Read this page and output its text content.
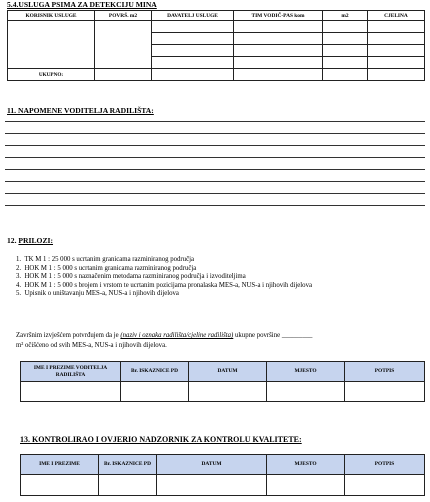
5.4.USLUGA PSIMA ZA DETEKCIJU MINA
KORISNIK USLUGE	POVRŠ. m2	DAVATELJ USLUGE	TIM VODIČ-PAS kom	m2	CJELINA

UKUPNO:					
11. NAPOMENE VODITELJA RADILIŠTA:
12. PRILOZI:
1.  TK M 1 : 25 000 s ucrtanim granicama razminiranog područja
2.  HOK M 1 : 5 000 s ucrtanim granicama razminiranog područja
3.  HOK M 1 : 5 000 s naznačenim metodama razminiranog područja i izvoditeljima
4.  HOK M 1 : 5 000 s brojem i vrstom te ucrtanim pozicijama pronalaska MES-a, NUS-a i njihovih dijelova
5.  Upisnik o uništavanju MES-a, NUS-a i njihovih dijelova
Završnim izvješćem potvrđujem da je (naziv i oznaka radilišta/cjeline radilišta) ukupne površine _________
m² očišćeno od svih MES-a, NUS-a i njihovih dijelova.
IME I PREZIME VODITELJA RADILIŠTA	Br. ISKAZNICE PD	DATUM	MJESTO	POTPIS

13. KONTROLIRAO I OVJERIO NADZORNIK ZA KONTROLU KVALITETE:
IME I PREZIME	Br. ISKAZNICE PD	DATUM	MJESTO	POTPIS
